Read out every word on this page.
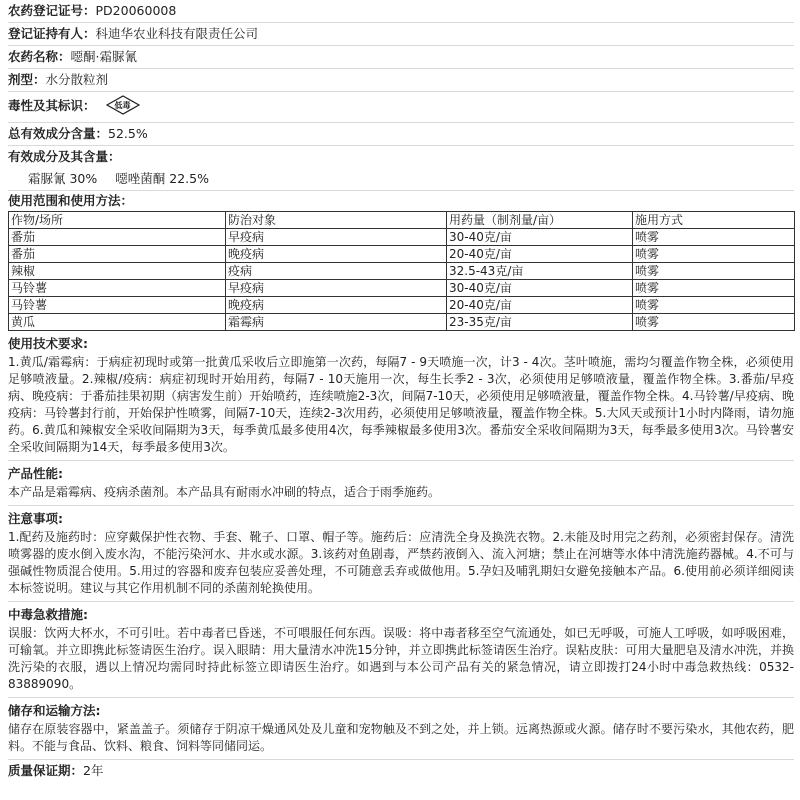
农药登记证号：PD20060008
登记证持有人：科迪华农业科技有限责任公司
农药名称：噁酮·霜脲氰
剂型：水分散粒剂
毒性及其标识：	低毒
总有效成分含量：52.5%
有效成分及其含量：
霜脲氰 30% 噁唑菌酮 22.5%
使用范围和使用方法：
作物/场所	防治对象	用药量（制剂量/亩）	施用方式
番茄	早疫病	30-40克/亩	喷雾
番茄	晚疫病	20-40克/亩	喷雾
辣椒	疫病	32.5-43克/亩	喷雾
马铃薯	早疫病	30-40克/亩	喷雾
马铃薯	晚疫病	20-40克/亩	喷雾
黄瓜	霜霉病	23-35克/亩	喷雾
使用技术要求:
1.黄瓜/霜霉病：于病症初现时或第一批黄瓜采收后立即施第一次药，每隔7 - 9天喷施一次，计3 - 4次。茎叶喷施，需均匀覆盖作物全株，必须使用足够喷液量。2.辣椒/疫病：病症初现时开始用药，每隔7 - 10天施用一次，每生长季2 - 3次，必须使用足够喷液量，覆盖作物全株。3.番茄/早疫病、晚疫病：于番茄挂果初期（病害发生前）开始喷药，连续喷施2-3次，间隔7-10天，必须使用足够喷液量，覆盖作物全株。4.马铃薯/早疫病、晚疫病：马铃薯封行前，开始保护性喷雾，间隔7-10天，连续2-3次用药，必须使用足够喷液量，覆盖作物全株。5.大风天或预计1小时内降雨，请勿施药。6.黄瓜和辣椒安全采收间隔期为3天，每季黄瓜最多使用4次，每季辣椒最多使用3次。番茄安全采收间隔期为3天，每季最多使用3次。马铃薯安全采收间隔期为14天，每季最多使用3次。
产品性能:
本产品是霜霉病、疫病杀菌剂。本产品具有耐雨水冲刷的特点，适合于雨季施药。
注意事项:
1.配药及施药时：应穿戴保护性衣物、手套、靴子、口罩、帽子等。施药后：应清洗全身及换洗衣物。2.未能及时用完之药剂，必须密封保存。清洗喷雾器的废水倒入废水沟，不能污染河水、井水或水源。3.该药对鱼剧毒，严禁药液倒入、流入河塘；禁止在河塘等水体中清洗施药器械。4.不可与强碱性物质混合使用。5.用过的容器和废弃包装应妥善处理，不可随意丢弃或做他用。5.孕妇及哺乳期妇女避免接触本产品。6.使用前必须详细阅读本标签说明。建议与其它作用机制不同的杀菌剂轮换使用。
中毒急救措施:
误服：饮两大杯水，不可引吐。若中毒者已昏迷，不可喂服任何东西。误吸：将中毒者移至空气流通处，如已无呼吸，可施人工呼吸，如呼吸困难，可输氧。并立即携此标签请医生治疗。误入眼睛：用大量清水冲洗15分钟，并立即携此标签请医生治疗。误粘皮肤：可用大量肥皂及清水冲洗，并换洗污染的衣服，遇以上情况均需同时持此标签立即请医生治疗。如遇到与本公司产品有关的紧急情况，请立即拨打24小时中毒急救热线：0532-83889090。
储存和运输方法:
储存在原装容器中，紧盖盖子。须储存于阴凉干燥通风处及儿童和宠物触及不到之处，并上锁。远离热源或火源。储存时不要污染水，其他农药，肥料。不能与食品、饮料、粮食、饲料等同储同运。
质量保证期：2年
